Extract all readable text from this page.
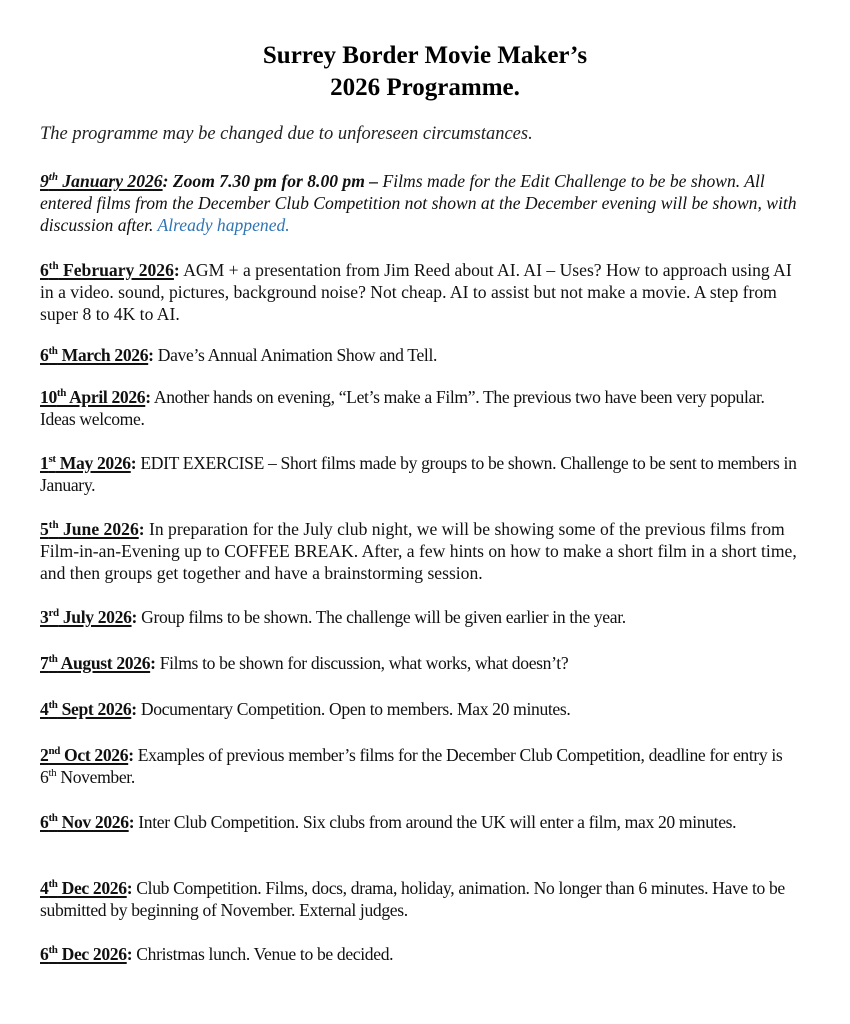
Surrey Border Movie Maker’s
2026 Programme.
The programme may be changed due to unforeseen circumstances.
9th January 2026: Zoom 7.30 pm for 8.00 pm – Films made for the Edit Challenge to be be shown. All entered films from the December Club Competition not shown at the December evening will be shown, with discussion after. Already happened.
6th February 2026: AGM + a presentation from Jim Reed about AI. AI – Uses? How to approach using AI in a video. sound, pictures, background noise? Not cheap. AI to assist but not make a movie. A step from super 8 to 4K to AI.
6th March 2026: Dave’s Annual Animation Show and Tell.
10th April 2026: Another hands on evening, “Let’s make a Film”. The previous two have been very popular. Ideas welcome.
1st May 2026: EDIT EXERCISE – Short films made by groups to be shown. Challenge to be sent to members in January.
5th June 2026: In preparation for the July club night, we will be showing some of the previous films from Film-in-an-Evening up to COFFEE BREAK. After, a few hints on how to make a short film in a short time, and then groups get together and have a brainstorming session.
3rd July 2026: Group films to be shown. The challenge will be given earlier in the year.
7th August 2026: Films to be shown for discussion, what works, what doesn’t?
4th Sept 2026: Documentary Competition. Open to members. Max 20 minutes.
2nd Oct 2026: Examples of previous member’s films for the December Club Competition, deadline for entry is 6th November.
6th Nov 2026: Inter Club Competition. Six clubs from around the UK will enter a film, max 20 minutes.
4th Dec 2026: Club Competition. Films, docs, drama, holiday, animation. No longer than 6 minutes. Have to be submitted by beginning of November. External judges.
6th Dec 2026: Christmas lunch. Venue to be decided.
